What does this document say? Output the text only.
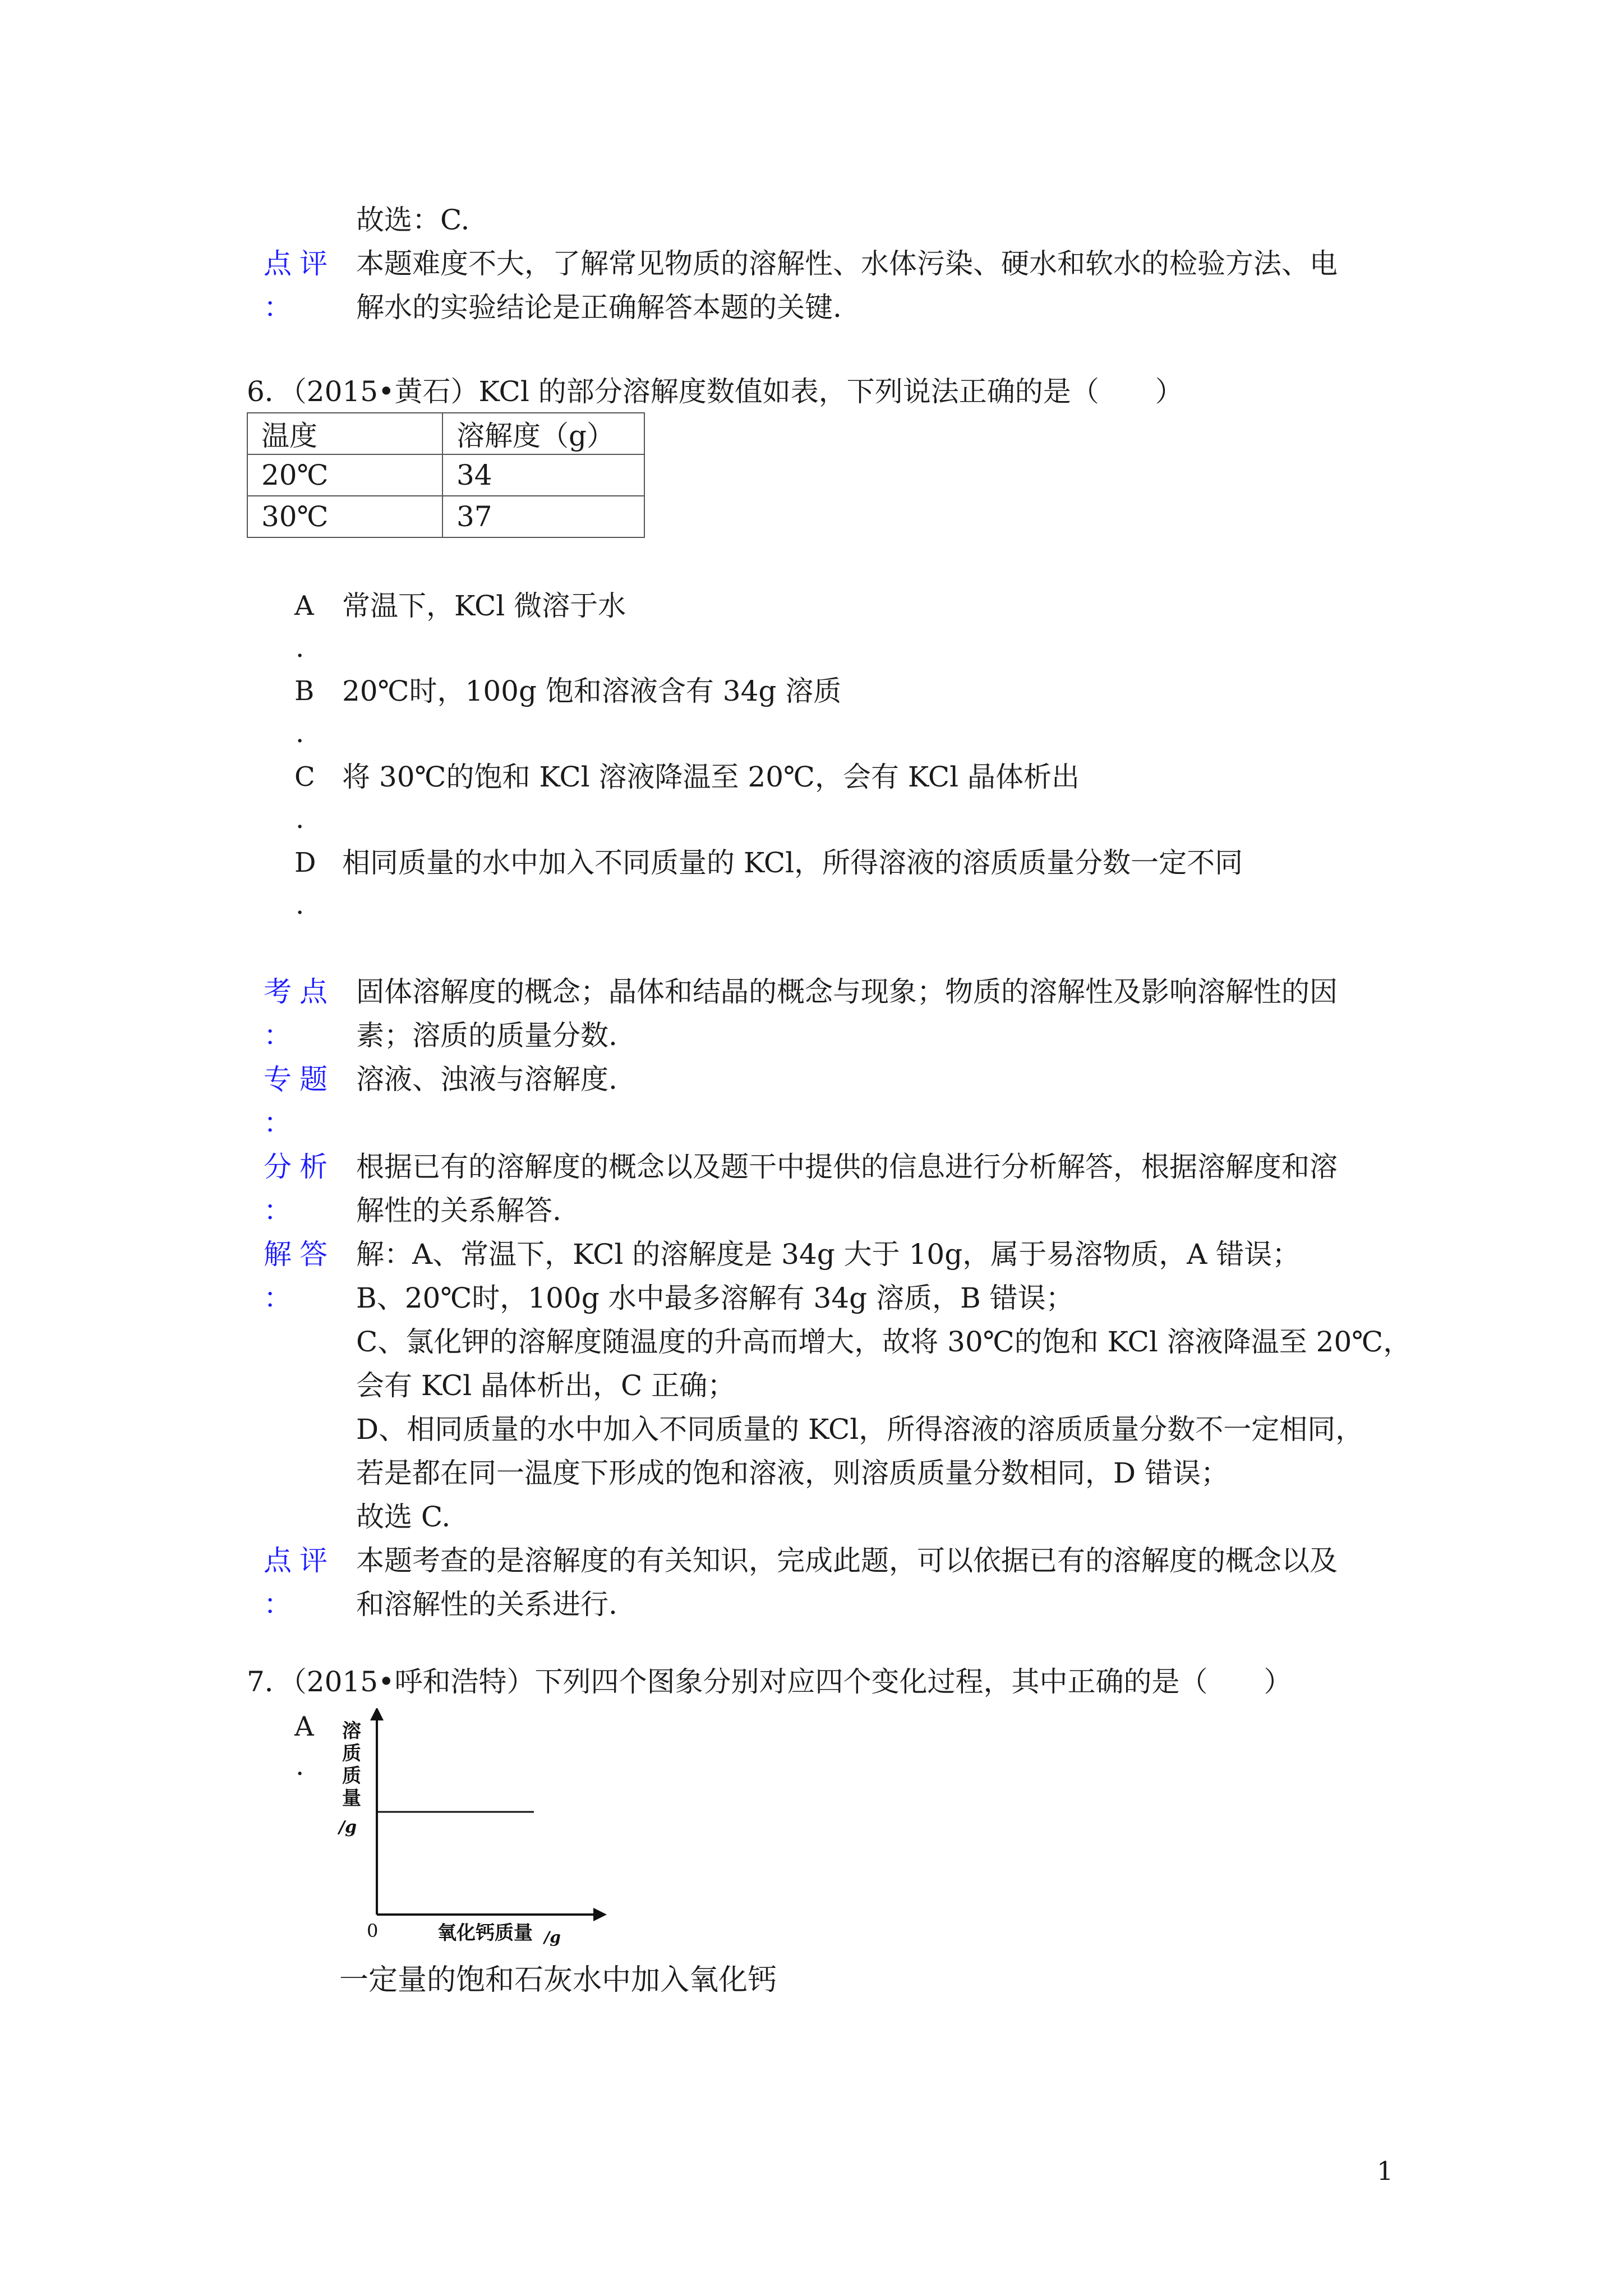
故选：C.
点评
：
本题难度不大，了解常见物质的溶解性、水体污染、硬水和软水的检验方法、电
解水的实验结论是正确解答本题的关键.
6．（2015•黄石）KCl 的部分溶解度数值如表，下列说法正确的是（　　）
温度	溶解度（g）
20℃	34
30℃	37
A
.
常温下，KCl 微溶于水
B
.
20℃时，100g 饱和溶液含有 34g 溶质
C
.
将 30℃的饱和 KCl 溶液降温至 20℃，会有 KCl 晶体析出
D
.
相同质量的水中加入不同质量的 KCl，所得溶液的溶质质量分数一定不同
考点
：
固体溶解度的概念；晶体和结晶的概念与现象；物质的溶解性及影响溶解性的因
素；溶质的质量分数.
专题
：
溶液、浊液与溶解度.
分析
：
根据已有的溶解度的概念以及题干中提供的信息进行分析解答，根据溶解度和溶
解性的关系解答.
解答
：
解：A、常温下，KCl 的溶解度是 34g 大于 10g，属于易溶物质，A 错误；
B、20℃时，100g 水中最多溶解有 34g 溶质，B 错误；
C、氯化钾的溶解度随温度的升高而增大，故将 30℃的饱和 KCl 溶液降温至 20℃，
会有 KCl 晶体析出，C 正确；
D、相同质量的水中加入不同质量的 KCl，所得溶液的溶质质量分数不一定相同，
若是都在同一温度下形成的饱和溶液，则溶质质量分数相同，D 错误；
故选 C.
点评
：
本题考查的是溶解度的有关知识，完成此题，可以依据已有的溶解度的概念以及
和溶解性的关系进行.
7．（2015•呼和浩特）下列四个图象分别对应四个变化过程，其中正确的是（　　）
A
.
溶
质
质
量
/g
0	氧化钙质量 /g
一定量的饱和石灰水中加入氧化钙
1
